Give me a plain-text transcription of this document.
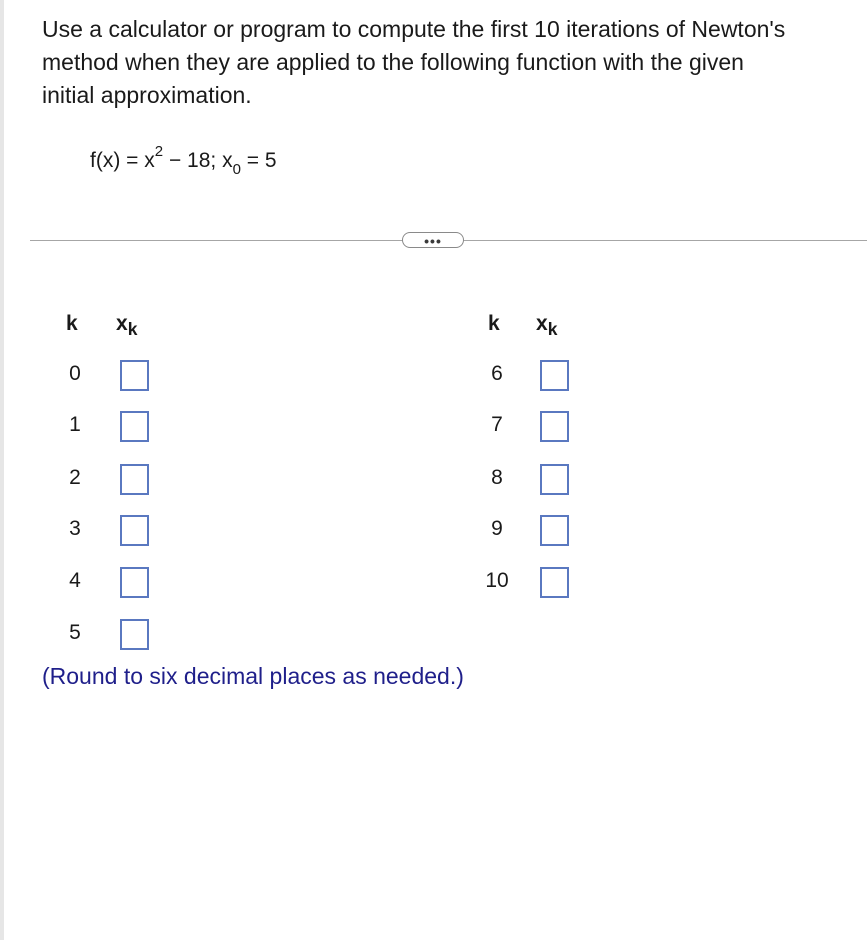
Use a calculator or program to compute the first 10 iterations of Newton's
method when they are applied to the following function with the given
initial approximation.
$f(x) = x^2 - 18$; $x_0 = 5$
•••
k $x_k$	k $x_k$
0
1
2
3
4
5
6
7
8
9
10
(Round to six decimal places as needed.)
